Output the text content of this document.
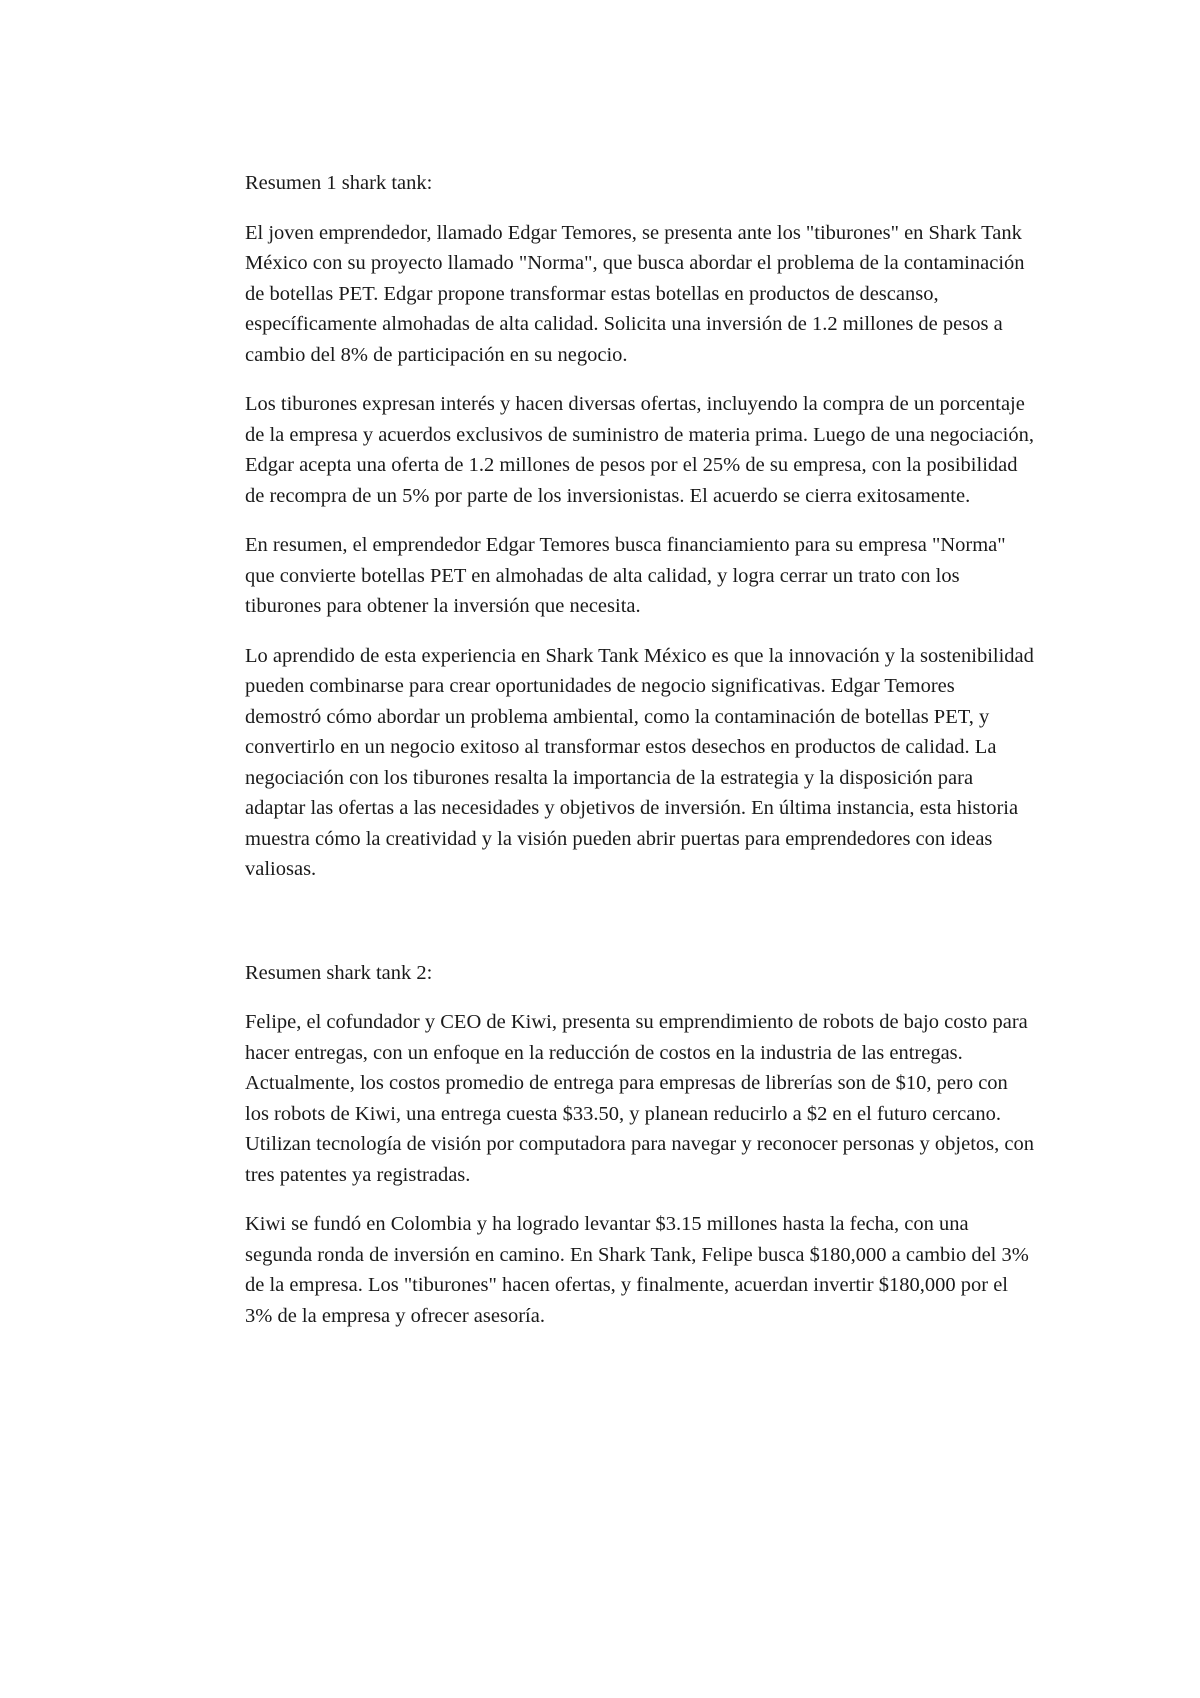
Resumen 1 shark tank:

El joven emprendedor, llamado Edgar Temores, se presenta ante los "tiburones" en Shark Tank México con su proyecto llamado "Norma", que busca abordar el problema de la contaminación de botellas PET. Edgar propone transformar estas botellas en productos de descanso, específicamente almohadas de alta calidad. Solicita una inversión de 1.2 millones de pesos a cambio del 8% de participación en su negocio.

Los tiburones expresan interés y hacen diversas ofertas, incluyendo la compra de un porcentaje de la empresa y acuerdos exclusivos de suministro de materia prima. Luego de una negociación, Edgar acepta una oferta de 1.2 millones de pesos por el 25% de su empresa, con la posibilidad de recompra de un 5% por parte de los inversionistas. El acuerdo se cierra exitosamente.

En resumen, el emprendedor Edgar Temores busca financiamiento para su empresa "Norma" que convierte botellas PET en almohadas de alta calidad, y logra cerrar un trato con los tiburones para obtener la inversión que necesita.

Lo aprendido de esta experiencia en Shark Tank México es que la innovación y la sostenibilidad pueden combinarse para crear oportunidades de negocio significativas. Edgar Temores demostró cómo abordar un problema ambiental, como la contaminación de botellas PET, y convertirlo en un negocio exitoso al transformar estos desechos en productos de calidad. La negociación con los tiburones resalta la importancia de la estrategia y la disposición para adaptar las ofertas a las necesidades y objetivos de inversión. En última instancia, esta historia muestra cómo la creatividad y la visión pueden abrir puertas para emprendedores con ideas valiosas.

Resumen shark tank 2:

Felipe, el cofundador y CEO de Kiwi, presenta su emprendimiento de robots de bajo costo para hacer entregas, con un enfoque en la reducción de costos en la industria de las entregas. Actualmente, los costos promedio de entrega para empresas de librerías son de $10, pero con los robots de Kiwi, una entrega cuesta $33.50, y planean reducirlo a $2 en el futuro cercano. Utilizan tecnología de visión por computadora para navegar y reconocer personas y objetos, con tres patentes ya registradas.

Kiwi se fundó en Colombia y ha logrado levantar $3.15 millones hasta la fecha, con una segunda ronda de inversión en camino. En Shark Tank, Felipe busca $180,000 a cambio del 3% de la empresa. Los "tiburones" hacen ofertas, y finalmente, acuerdan invertir $180,000 por el 3% de la empresa y ofrecer asesoría.
